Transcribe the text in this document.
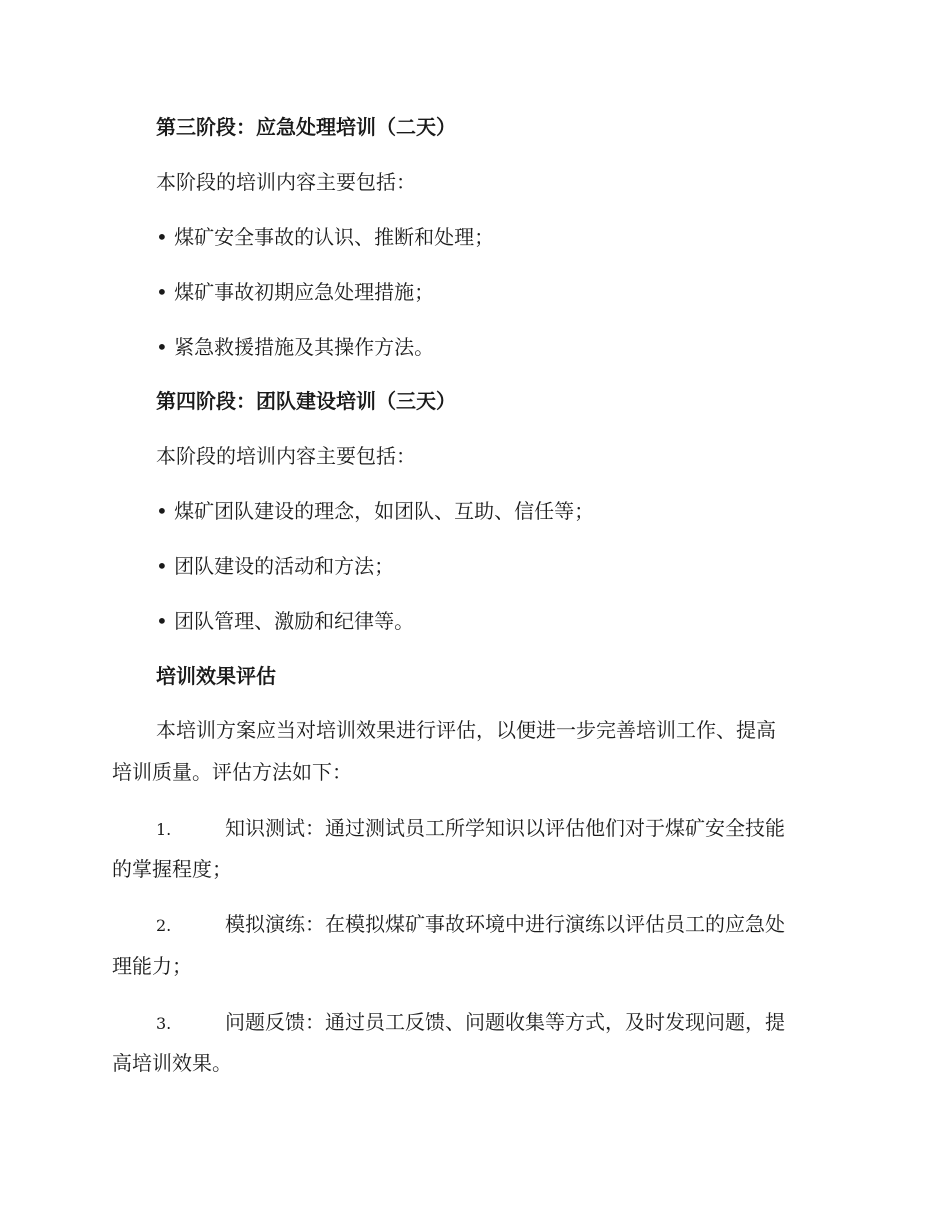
第三阶段：应急处理培训（二天）
本阶段的培训内容主要包括：
• 煤矿安全事故的认识、推断和处理；
• 煤矿事故初期应急处理措施；
• 紧急救援措施及其操作方法。
第四阶段：团队建设培训（三天）
本阶段的培训内容主要包括：
• 煤矿团队建设的理念，如团队、互助、信任等；
• 团队建设的活动和方法；
• 团队管理、激励和纪律等。
培训效果评估
本培训方案应当对培训效果进行评估，以便进一步完善培训工作、提高
培训质量。评估方法如下：
1.	知识测试：通过测试员工所学知识以评估他们对于煤矿安全技能
的掌握程度；
2.	模拟演练：在模拟煤矿事故环境中进行演练以评估员工的应急处
理能力；
3.	问题反馈：通过员工反馈、问题收集等方式，及时发现问题，提
高培训效果。
